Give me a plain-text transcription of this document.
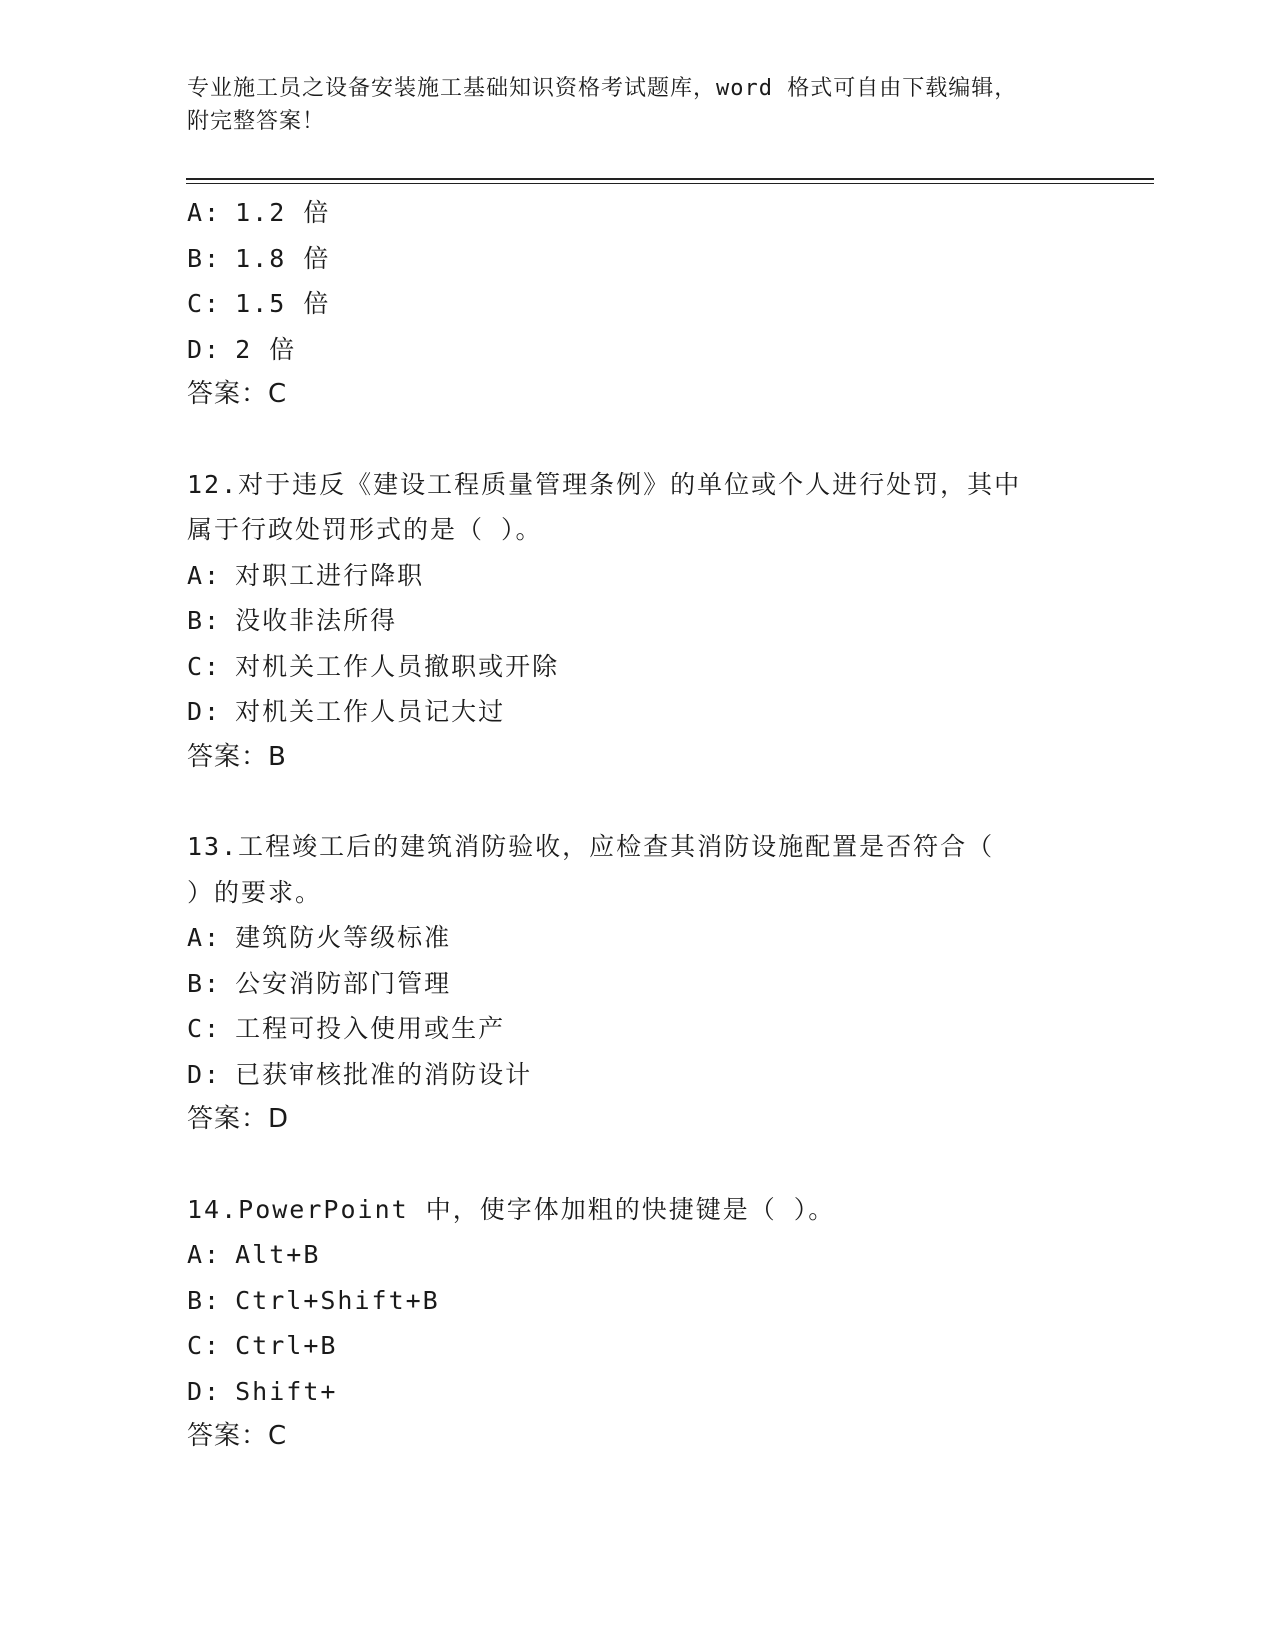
专业施工员之设备安装施工基础知识资格考试题库，word 格式可自由下载编辑，
附完整答案！
A: 1.2 倍
B: 1.8 倍
C: 1.5 倍
D: 2 倍
答案：C
12.对于违反《建设工程质量管理条例》的单位或个人进行处罚，其中
属于行政处罚形式的是（ ）。
A: 对职工进行降职
B: 没收非法所得
C: 对机关工作人员撤职或开除
D: 对机关工作人员记大过
答案：B
13.工程竣工后的建筑消防验收，应检查其消防设施配置是否符合（
）的要求。
A: 建筑防火等级标准
B: 公安消防部门管理
C: 工程可投入使用或生产
D: 已获审核批准的消防设计
答案：D
14.PowerPoint 中，使字体加粗的快捷键是（ ）。
A: Alt+B
B: Ctrl+Shift+B
C: Ctrl+B
D: Shift+
答案：C
